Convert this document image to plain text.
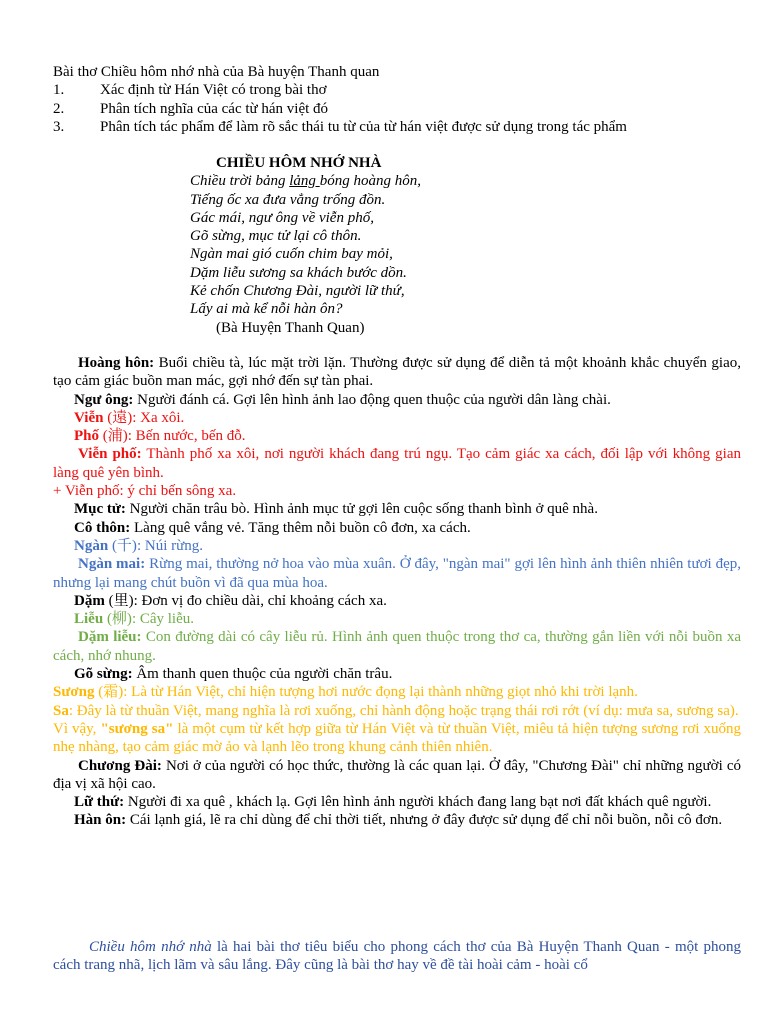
Bài thơ Chiều hôm nhớ nhà của Bà huyện Thanh quan
1. Xác định từ Hán Việt có trong bài thơ
2. Phân tích nghĩa của các từ hán việt đó
3. Phân tích tác phẩm để làm rõ sắc thái tu từ của từ hán việt được sử dụng trong tác phẩm
CHIỀU HÔM NHỚ NHÀ
Chiều trời bảng lảng bóng hoàng hôn,
Tiếng ốc xa đưa vẳng trống đồn.
Gác mái, ngư ông về viễn phố,
Gõ sừng, mục tử lại cô thôn.
Ngàn mai gió cuốn chim bay mỏi,
Dặm liễu sương sa khách bước dồn.
Kẻ chốn Chương Đài, người lữ thứ,
Lấy ai mà kể nỗi hàn ôn?
(Bà Huyện Thanh Quan)

Hoàng hôn: Buổi chiều tà, lúc mặt trời lặn. Thường được sử dụng để diễn tả một khoảnh khắc chuyển giao, tạo cảm giác buồn man mác, gợi nhớ đến sự tàn phai.

Ngư ông: Người đánh cá. Gợi lên hình ảnh lao động quen thuộc của người dân làng chài.

Viễn (遠): Xa xôi.

Phố (浦): Bến nước, bến đỗ.

Viễn phố: Thành phố xa xôi, nơi người khách đang trú ngụ. Tạo cảm giác xa cách, đối lập với không gian làng quê yên bình.

+ Viễn phố: ý chỉ bến sông xa.

Mục tử: Người chăn trâu bò. Hình ảnh mục tử gợi lên cuộc sống thanh bình ở quê nhà.

Cô thôn: Làng quê vắng vẻ. Tăng thêm nỗi buồn cô đơn, xa cách.

Ngàn (千): Núi rừng.

Ngàn mai: Rừng mai, thường nở hoa vào mùa xuân. Ở đây, "ngàn mai" gợi lên hình ảnh thiên nhiên tươi đẹp, nhưng lại mang chút buồn vì đã qua mùa hoa.

Dặm (里): Đơn vị đo chiều dài, chỉ khoảng cách xa.

Liễu (柳): Cây liễu.

Dặm liễu: Con đường dài có cây liễu rủ. Hình ảnh quen thuộc trong thơ ca, thường gắn liền với nỗi buồn xa cách, nhớ nhung.

Gõ sừng: Âm thanh quen thuộc của người chăn trâu.

Sương (霜): Là từ Hán Việt, chỉ hiện tượng hơi nước đọng lại thành những giọt nhỏ khi trời lạnh.

Sa: Đây là từ thuần Việt, mang nghĩa là rơi xuống, chỉ hành động hoặc trạng thái rơi rớt (ví dụ: mưa sa, sương sa).

Vì vậy, "sương sa" là một cụm từ kết hợp giữa từ Hán Việt và từ thuần Việt, miêu tả hiện tượng sương rơi xuống nhẹ nhàng, tạo cảm giác mờ ảo và lạnh lẽo trong khung cảnh thiên nhiên.

Chương Đài: Nơi ở của người có học thức, thường là các quan lại. Ở đây, "Chương Đài" chỉ những người có địa vị xã hội cao.

Lữ thứ: Người đi xa quê , khách lạ. Gợi lên hình ảnh người khách đang lang bạt nơi đất khách quê người.

Hàn ôn: Cái lạnh giá, lẽ ra chỉ dùng để chỉ thời tiết, nhưng ở đây được sử dụng để chỉ nỗi buồn, nỗi cô đơn.

Chiều hôm nhớ nhà là hai bài thơ tiêu biểu cho phong cách thơ của Bà Huyện Thanh Quan - một phong cách trang nhã, lịch lãm và sâu lắng. Đây cũng là bài thơ hay về đề tài hoài cảm - hoài cổ
